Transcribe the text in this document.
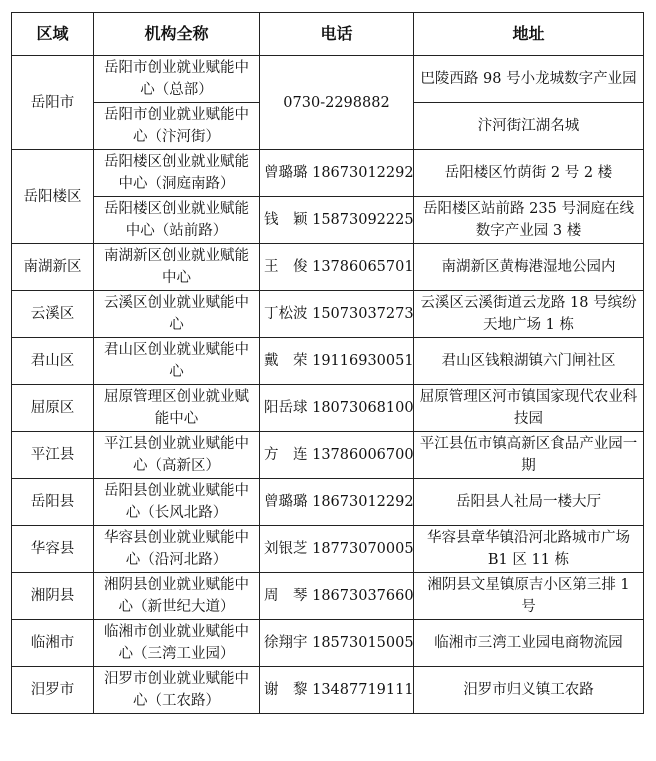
区域	机构全称	电话	地址
岳阳市	岳阳市创业就业赋能中心（总部）	0730-2298882	巴陵西路 98 号小龙城数字产业园
	岳阳市创业就业赋能中心（汴河街）		汴河街江湖名城
岳阳楼区	岳阳楼区创业就业赋能中心（洞庭南路）	曾璐璐 18673012292	岳阳楼区竹荫街 2 号 2 楼
	岳阳楼区创业就业赋能中心（站前路）	钱　颖 15873092225	岳阳楼区站前路 235 号洞庭在线数字产业园 3 楼
南湖新区	南湖新区创业就业赋能中心	王　俊 13786065701	南湖新区黄梅港湿地公园内
云溪区	云溪区创业就业赋能中心	丁松波 15073037273	云溪区云溪街道云龙路 18 号缤纷天地广场 1 栋
君山区	君山区创业就业赋能中心	戴　荣 19116930051	君山区钱粮湖镇六门闸社区
屈原区	屈原管理区创业就业赋能中心	阳岳球 18073068100	屈原管理区河市镇国家现代农业科技园
平江县	平江县创业就业赋能中心（高新区）	方　连 13786006700	平江县伍市镇高新区食品产业园一期
岳阳县	岳阳县创业就业赋能中心（长风北路）	曾璐璐 18673012292	岳阳县人社局一楼大厅
华容县	华容县创业就业赋能中心（沿河北路）	刘银芝 18773070005	华容县章华镇沿河北路城市广场 B1 区 11 栋
湘阴县	湘阴县创业就业赋能中心（新世纪大道）	周　琴 18673037660	湘阴县文星镇原吉小区第三排 1 号
临湘市	临湘市创业就业赋能中心（三湾工业园）	徐翔宇 18573015005	临湘市三湾工业园电商物流园
汨罗市	汨罗市创业就业赋能中心（工农路）	谢　黎 13487719111	汨罗市归义镇工农路
